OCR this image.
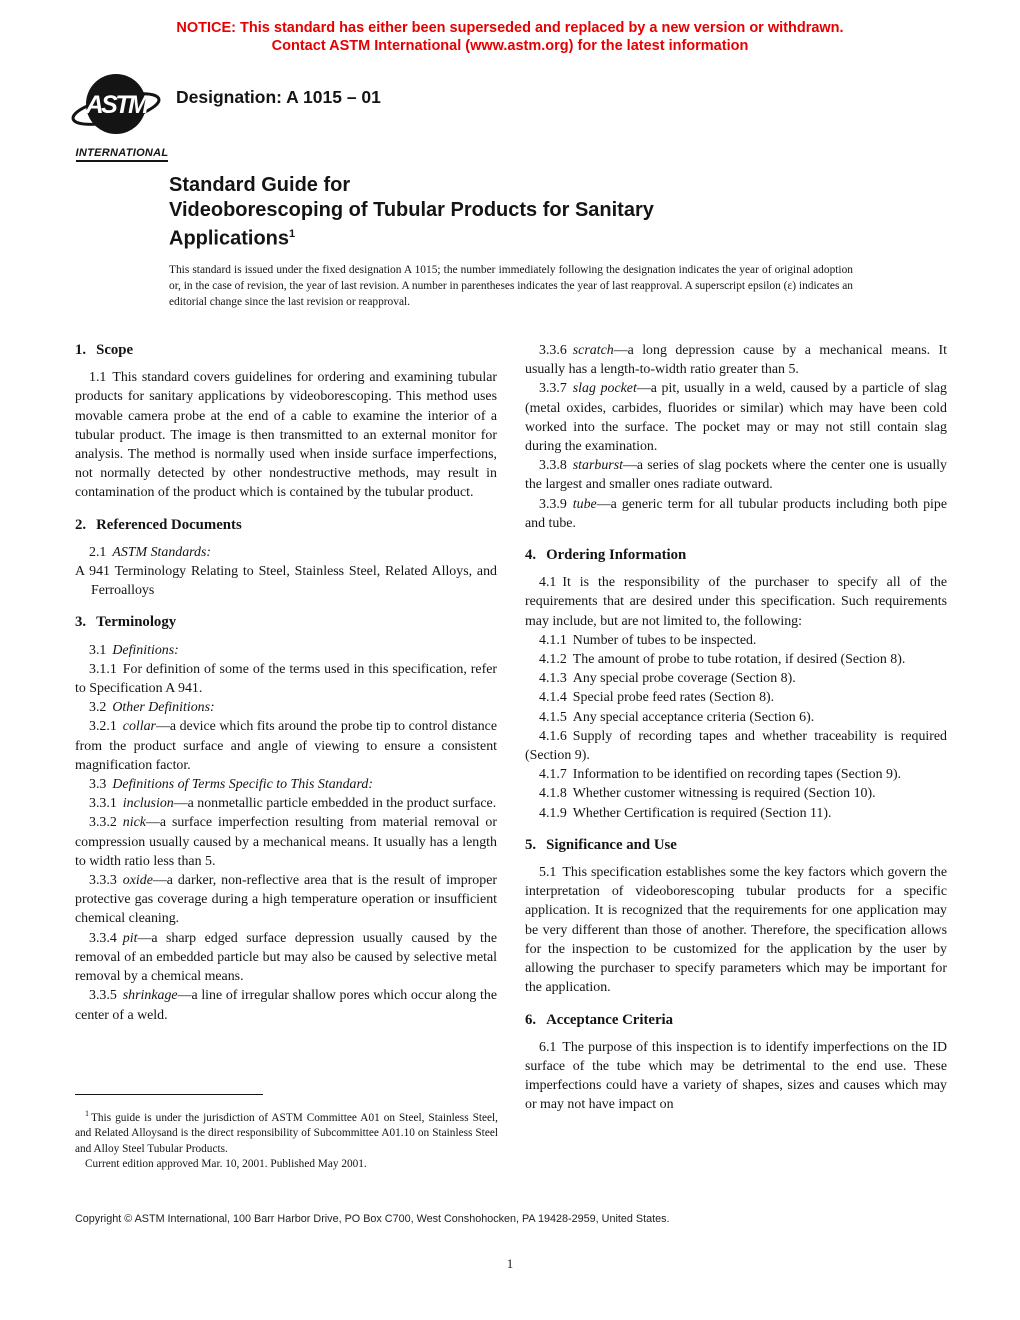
NOTICE: This standard has either been superseded and replaced by a new version or withdrawn.
Contact ASTM International (www.astm.org) for the latest information
ASTM
INTERNATIONAL
Designation: A 1015 – 01
Standard Guide for
Videoborescoping of Tubular Products for Sanitary
Applications$^1$
This standard is issued under the fixed designation A 1015; the number immediately following the designation indicates the year of original adoption or, in the case of revision, the year of last revision. A number in parentheses indicates the year of last reapproval. A superscript epsilon (ε) indicates an editorial change since the last revision or reapproval.
1. Scope

1.1 This standard covers guidelines for ordering and examining tubular products for sanitary applications by videoborescoping. This method uses movable camera probe at the end of a cable to examine the interior of a tubular product. The image is then transmitted to an external monitor for analysis. The method is normally used when inside surface imperfections, not normally detected by other nondestructive methods, may result in contamination of the product which is contained by the tubular product.

2. Referenced Documents

2.1 ASTM Standards:

A 941 Terminology Relating to Steel, Stainless Steel, Related Alloys, and Ferroalloys

3. Terminology

3.1 Definitions:

3.1.1 For definition of some of the terms used in this specification, refer to Specification A 941.

3.2 Other Definitions:

3.2.1 collar—a device which fits around the probe tip to control distance from the product surface and angle of viewing to ensure a consistent magnification factor.

3.3 Definitions of Terms Specific to This Standard:

3.3.1 inclusion—a nonmetallic particle embedded in the product surface.

3.3.2 nick—a surface imperfection resulting from material removal or compression usually caused by a mechanical means. It usually has a length to width ratio less than 5.

3.3.3 oxide—a darker, non-reflective area that is the result of improper protective gas coverage during a high temperature operation or insufficient chemical cleaning.

3.3.4 pit—a sharp edged surface depression usually caused by the removal of an embedded particle but may also be caused by selective metal removal by a chemical means.

3.3.5 shrinkage—a line of irregular shallow pores which occur along the center of a weld.

3.3.6 scratch—a long depression cause by a mechanical means. It usually has a length-to-width ratio greater than 5.

3.3.7 slag pocket—a pit, usually in a weld, caused by a particle of slag (metal oxides, carbides, fluorides or similar) which may have been cold worked into the surface. The pocket may or may not still contain slag during the examination.

3.3.8 starburst—a series of slag pockets where the center one is usually the largest and smaller ones radiate outward.

3.3.9 tube—a generic term for all tubular products including both pipe and tube.

4. Ordering Information

4.1 It is the responsibility of the purchaser to specify all of the requirements that are desired under this specification. Such requirements may include, but are not limited to, the following:

4.1.1 Number of tubes to be inspected.

4.1.2 The amount of probe to tube rotation, if desired (Section 8).

4.1.3 Any special probe coverage (Section 8).

4.1.4 Special probe feed rates (Section 8).

4.1.5 Any special acceptance criteria (Section 6).

4.1.6 Supply of recording tapes and whether traceability is required (Section 9).

4.1.7 Information to be identified on recording tapes (Section 9).

4.1.8 Whether customer witnessing is required (Section 10).

4.1.9 Whether Certification is required (Section 11).

5. Significance and Use

5.1 This specification establishes some the key factors which govern the interpretation of videoborescoping tubular products for a specific application. It is recognized that the requirements for one application may be very different than those of another. Therefore, the specification allows for the inspection to be customized for the application by the user by allowing the purchaser to specify parameters which may be important for the application.

6. Acceptance Criteria

6.1 The purpose of this inspection is to identify imperfections on the ID surface of the tube which may be detrimental to the end use. These imperfections could have a variety of shapes, sizes and causes which may or may not have impact on

$^1$ This guide is under the jurisdiction of ASTM Committee A01 on Steel, Stainless Steel, and Related Alloysand is the direct responsibility of Subcommittee A01.10 on Stainless Steel and Alloy Steel Tubular Products.

Current edition approved Mar. 10, 2001. Published May 2001.

Copyright © ASTM International, 100 Barr Harbor Drive, PO Box C700, West Conshohocken, PA 19428-2959, United States.
1
